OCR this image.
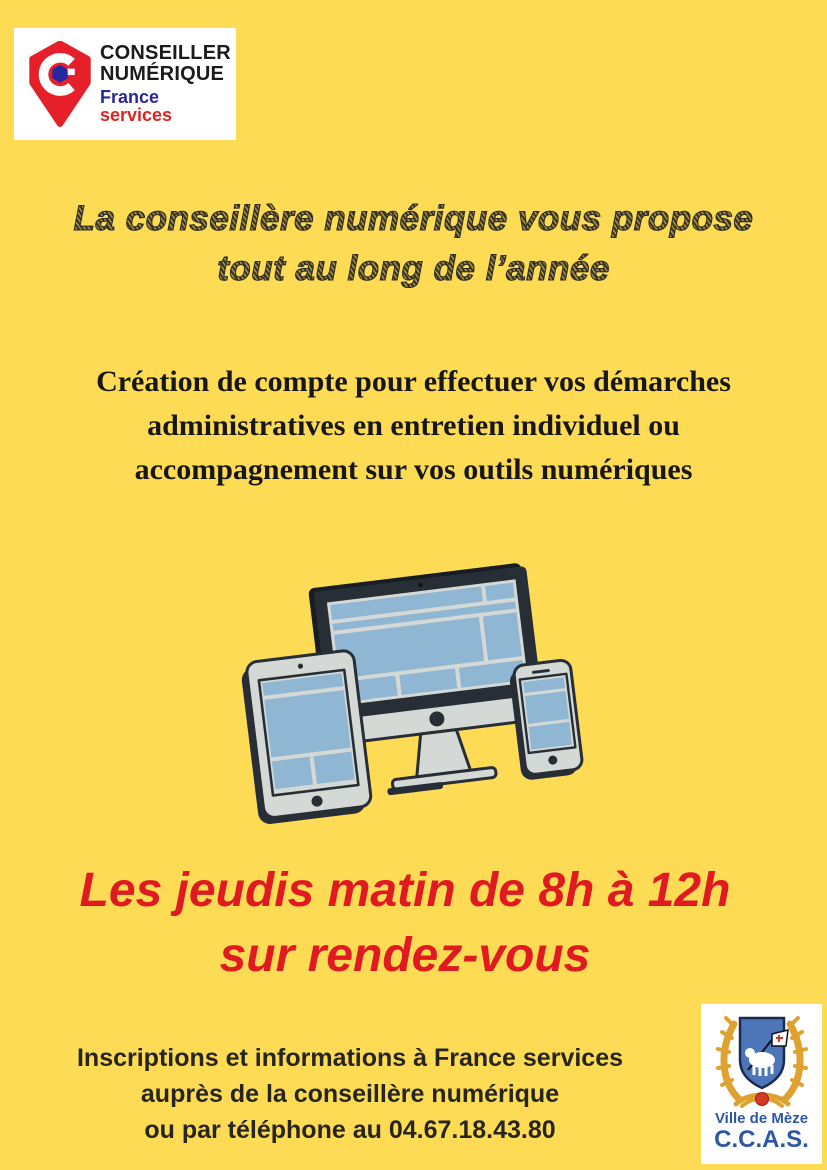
CONSEILLER
NUMÉRIQUE
France
services
La conseillère numérique vous propose
tout au long de l’année
Création de compte pour effectuer vos démarches
administratives en entretien individuel ou
accompagnement sur vos outils numériques
Les jeudis matin de 8h à 12h
sur rendez-vous
Inscriptions et informations à France services
auprès de la conseillère numérique
ou par téléphone au 04.67.18.43.80	Ville de Mèze
C.C.A.S.
